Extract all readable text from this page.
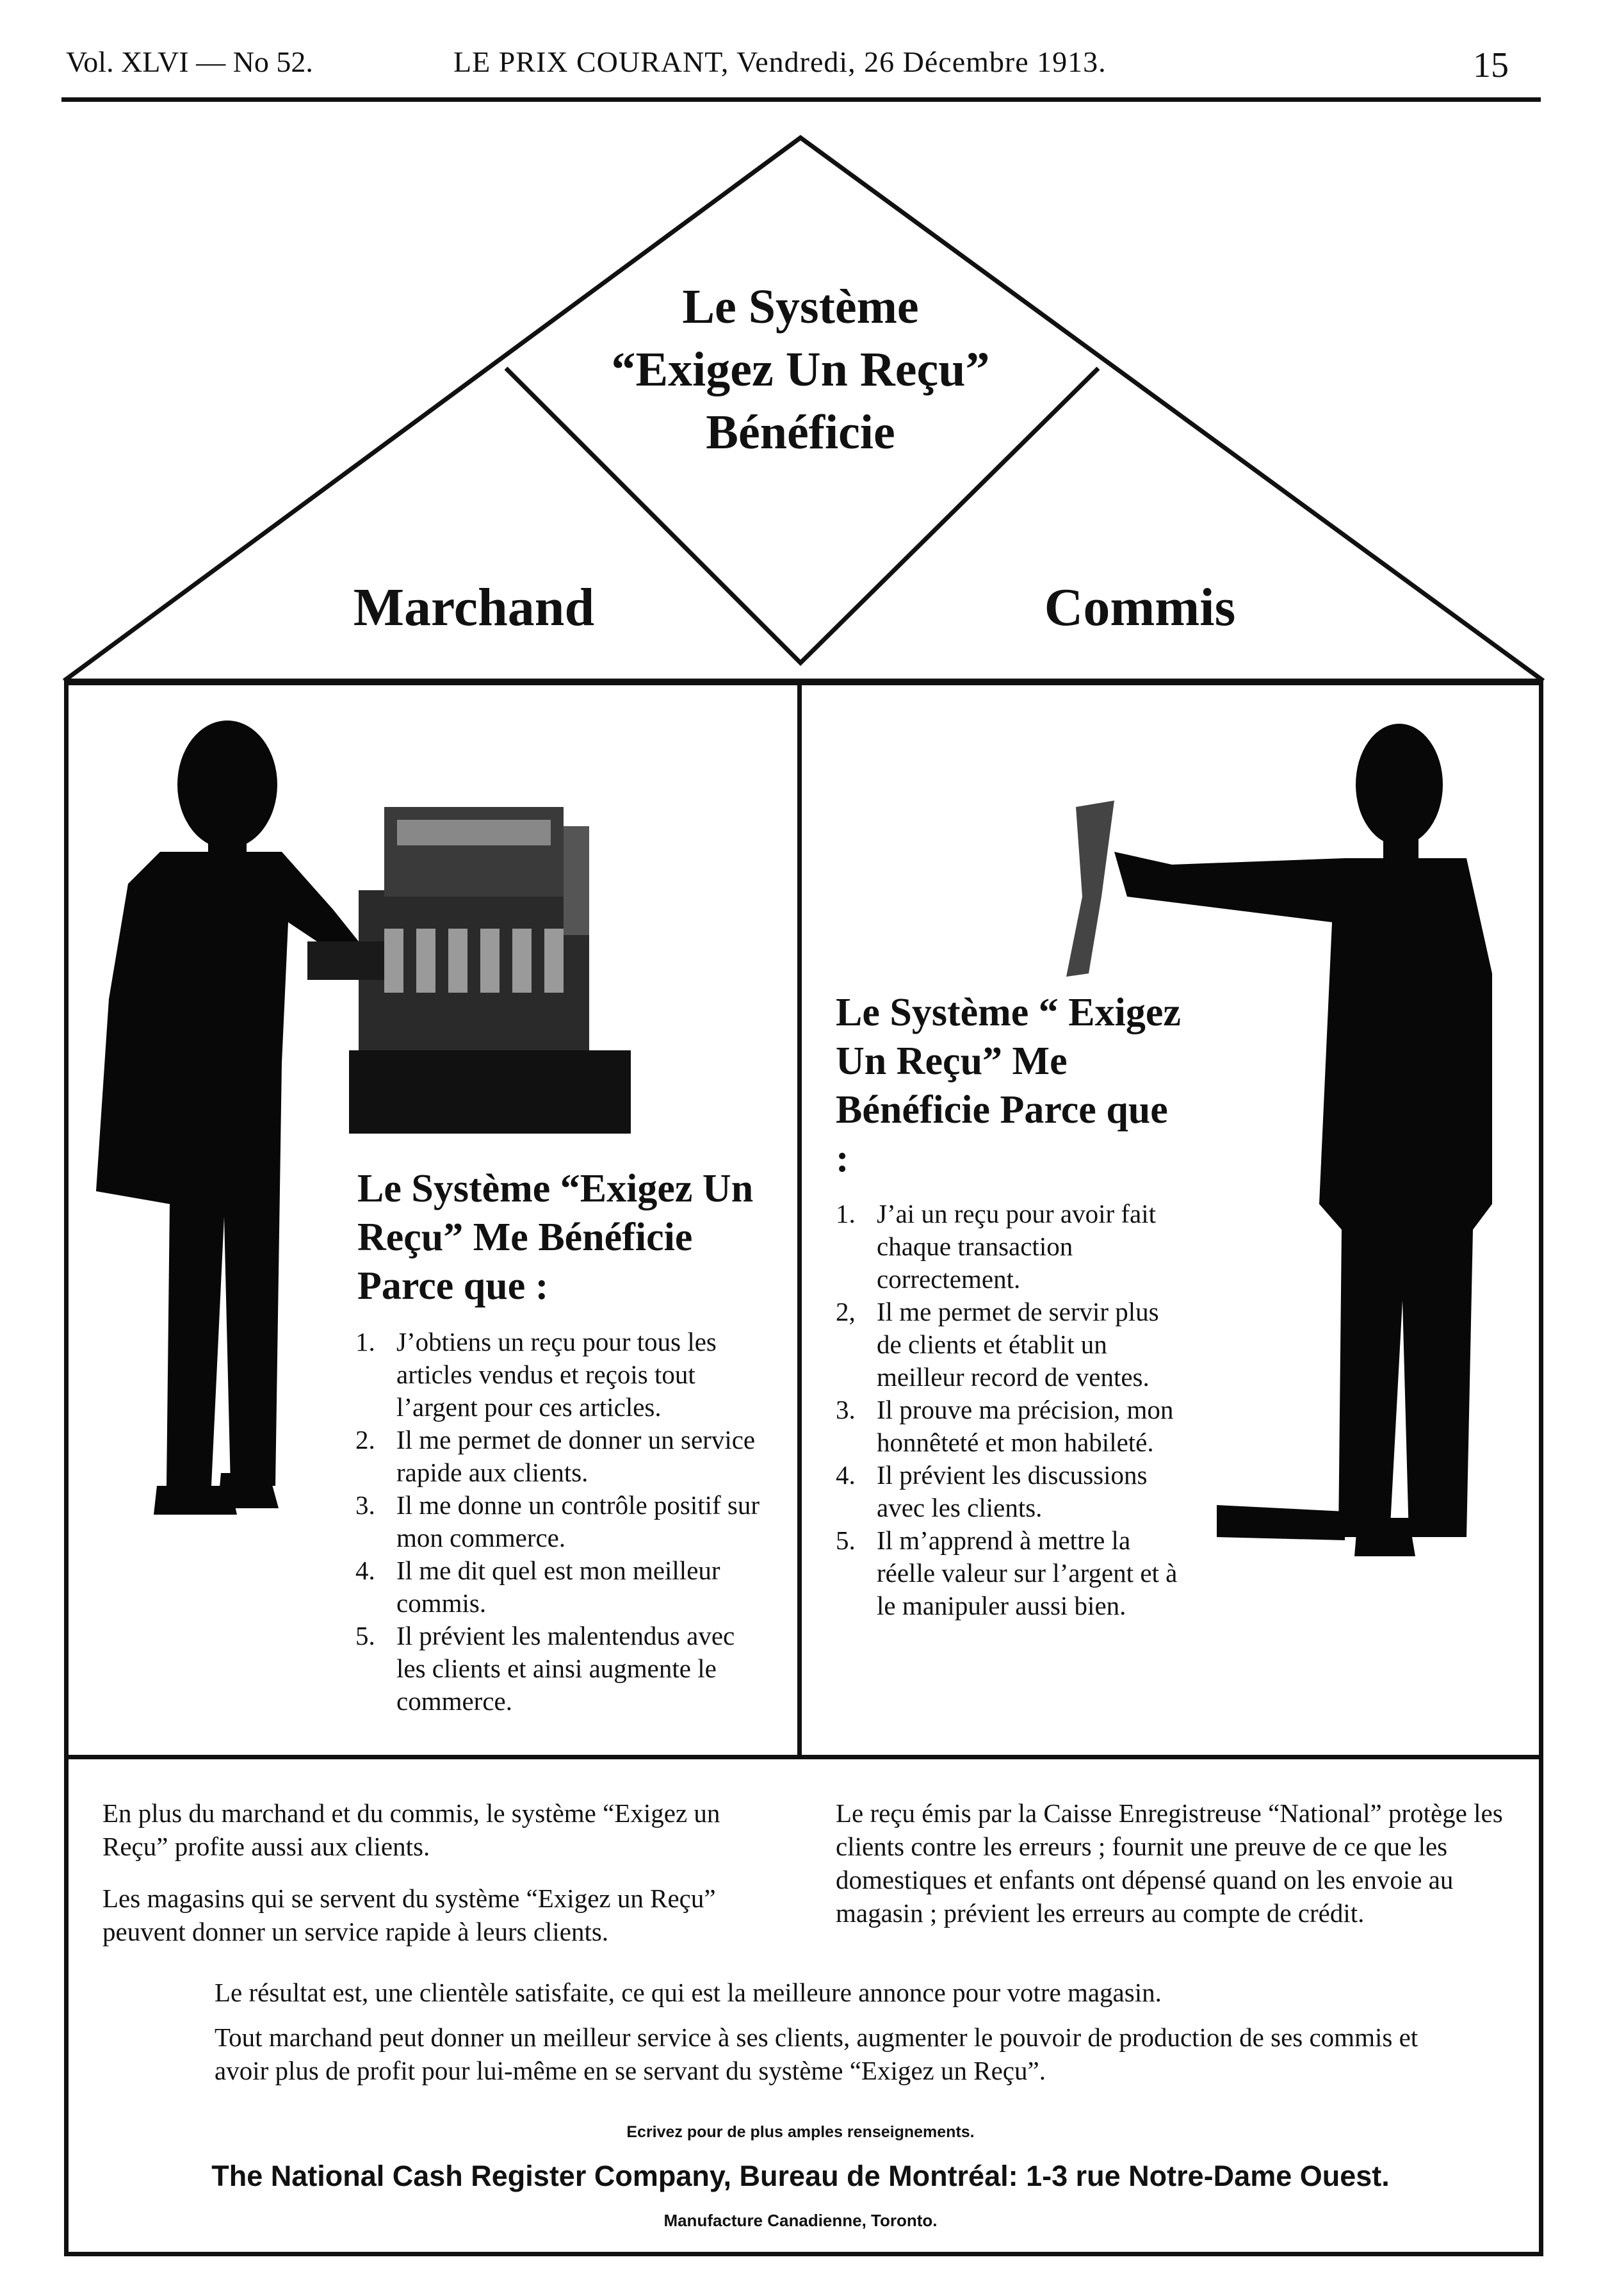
Vol. XLVI — No 52.	LE PRIX COURANT, Vendredi, 26 Décembre 1913.	15
Le Système
“Exigez Un Reçu”
Bénéficie
Marchand	Commis
Le Système “Exigez Un Reçu” Me Bénéficie Parce que :
1. J’obtiens un reçu pour tous les articles vendus et reçois tout l’argent pour ces articles.
2. Il me permet de donner un service rapide aux clients.
3. Il me donne un contrôle positif sur mon commerce.
4. Il me dit quel est mon meilleur commis.
5. Il prévient les malentendus avec les clients et ainsi augmente le commerce.
Le Système “ Exigez Un Reçu” Me Bénéficie Parce que :
1. J’ai un reçu pour avoir fait chaque transaction correctement.
2, Il me permet de servir plus de clients et établit un meilleur record de ventes.
3. Il prouve ma précision, mon honnêteté et mon habileté.
4. Il prévient les discussions avec les clients.
5. Il m’apprend à mettre la réelle valeur sur l’argent et à le manipuler aussi bien.
En plus du marchand et du commis, le système “Exigez un Reçu” profite aussi aux clients.
Les magasins qui se servent du système “Exigez un Reçu” peuvent donner un service rapide à leurs clients.
Le reçu émis par la Caisse Enregistreuse “National” protège les clients contre les erreurs ; fournit une preuve de ce que les domestiques et enfants ont dépensé quand on les envoie au magasin ; prévient les erreurs au compte de crédit.
Le résultat est, une clientèle satisfaite, ce qui est la meilleure annonce pour votre magasin.
Tout marchand peut donner un meilleur service à ses clients, augmenter le pouvoir de production de ses commis et avoir plus de profit pour lui-même en se servant du système “Exigez un Reçu”.
Ecrivez pour de plus amples renseignements.
The National Cash Register Company, Bureau de Montréal: 1-3 rue Notre-Dame Ouest.
Manufacture Canadienne, Toronto.
